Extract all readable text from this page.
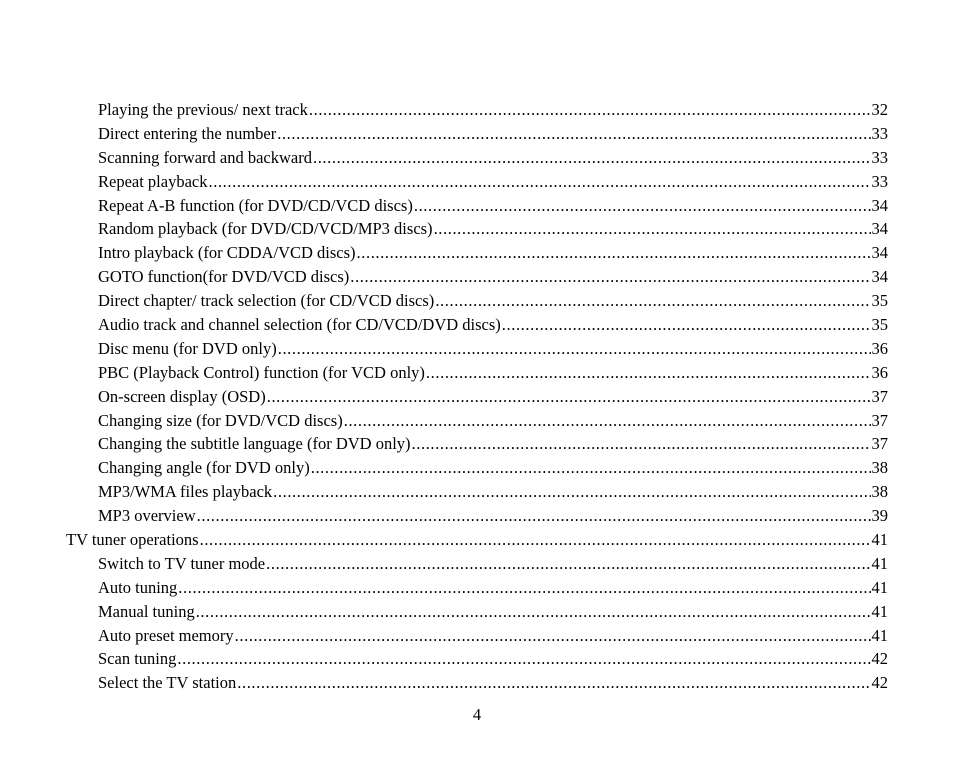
Playing the previous/ next track .....	32
Direct entering the number .....	33
Scanning forward and backward .....	33
Repeat playback .....	33
Repeat A-B function (for DVD/CD/VCD discs) .....	34
Random playback (for DVD/CD/VCD/MP3 discs) .....	34
Intro playback (for CDDA/VCD discs) .....	34
GOTO function(for DVD/VCD discs) .....	34
Direct chapter/ track selection (for CD/VCD discs) .....	35
Audio track and channel selection (for CD/VCD/DVD discs) .....	35
Disc menu (for DVD only) .....	36
PBC (Playback Control) function (for VCD only) .....	36
On-screen display (OSD) .....	37
Changing size (for DVD/VCD discs) .....	37
Changing the subtitle language (for DVD only) .....	37
Changing angle (for DVD only) .....	38
MP3/WMA files playback .....	38
MP3 overview .....	39
TV tuner operations .....	41
Switch to TV tuner mode .....	41
Auto tuning .....	41
Manual tuning .....	41
Auto preset memory .....	41
Scan tuning .....	42
Select the TV station .....	42
4
